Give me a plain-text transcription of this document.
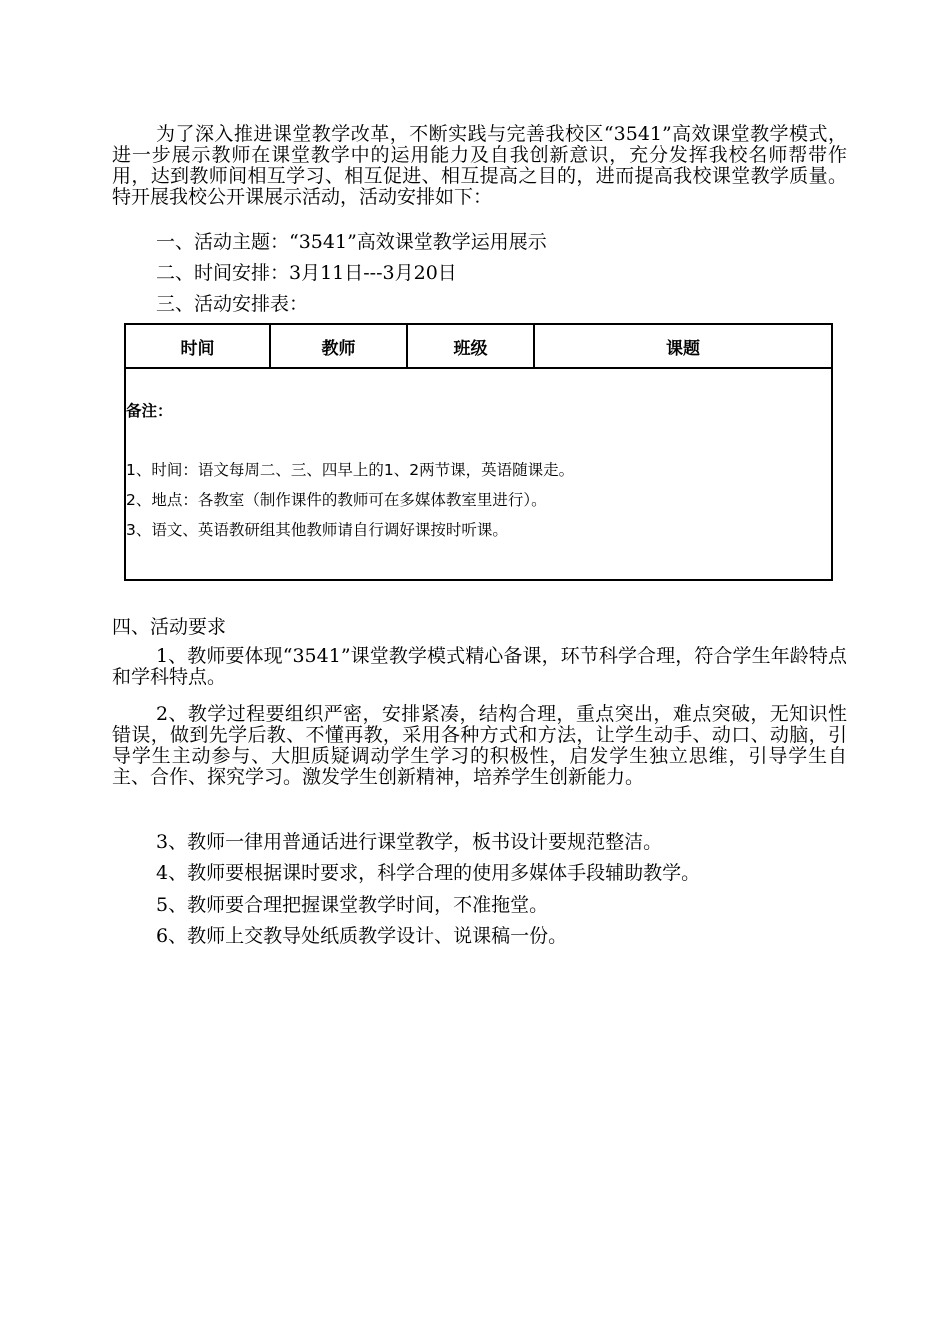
为了深入推进课堂教学改革，不断实践与完善我校区“3541”高效课堂教学模式，进一步展示教师在课堂教学中的运用能力及自我创新意识，充分发挥我校名师帮带作用，达到教师间相互学习、相互促进、相互提高之目的，进而提高我校课堂教学质量。特开展我校公开课展示活动，活动安排如下：
一、活动主题：“3541”高效课堂教学运用展示
二、时间安排：3月11日---3月20日
三、活动安排表：
时间	教师	班级	课题

备注：
1、时间：语文每周二、三、四早上的1、2两节课，英语随课走。
2、地点：各教室（制作课件的教师可在多媒体教室里进行）。
3、语文、英语教研组其他教师请自行调好课按时听课。
四、活动要求
1、教师要体现“3541”课堂教学模式精心备课，环节科学合理，符合学生年龄特点和学科特点。
2、教学过程要组织严密，安排紧凑，结构合理，重点突出，难点突破，无知识性错误，做到先学后教、不懂再教，采用各种方式和方法，让学生动手、动口、动脑，引导学生主动参与、大胆质疑调动学生学习的积极性，启发学生独立思维，引导学生自主、合作、探究学习。激发学生创新精神，培养学生创新能力。
3、教师一律用普通话进行课堂教学，板书设计要规范整洁。
4、教师要根据课时要求，科学合理的使用多媒体手段辅助教学。
5、教师要合理把握课堂教学时间，不准拖堂。
6、教师上交教导处纸质教学设计、说课稿一份。
